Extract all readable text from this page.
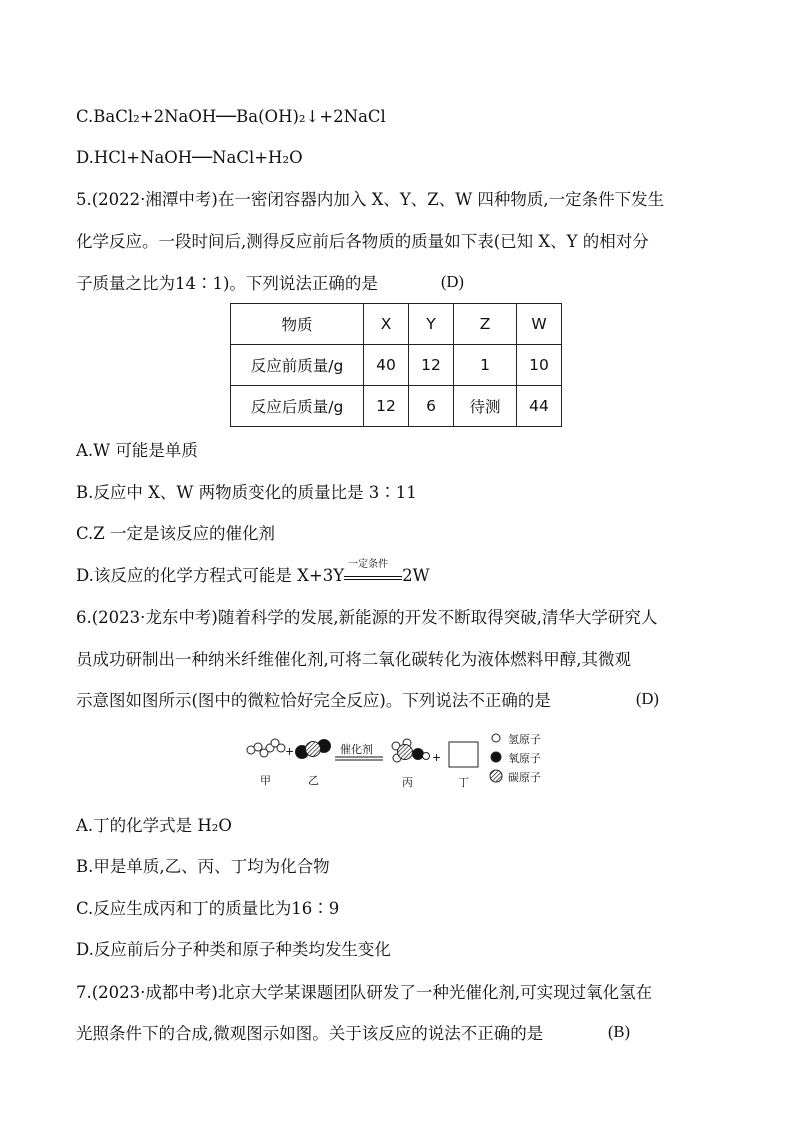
C.BaCl₂+2NaOH──Ba(OH)₂↓+2NaCl
D.HCl+NaOH──NaCl+H₂O
5.(2022·湘潭中考)在一密闭容器内加入 X、Y、Z、W 四种物质,一定条件下发生
化学反应。一段时间后,测得反应前后各物质的质量如下表(已知 X、Y 的相对分
子质量之比为14∶1)。下列说法正确的是	(D)
物质	X	Y	Z	W
反应前质量/g	40	12	1	10
反应后质量/g	12	6	待测	44
A.W 可能是单质
B.反应中 X、W 两物质变化的质量比是 3∶11
C.Z 一定是该反应的催化剂
D.该反应的化学方程式可能是 X+3Y
一定条件
2W
6.(2023·龙东中考)随着科学的发展,新能源的开发不断取得突破,清华大学研究人
员成功研制出一种纳米纤维催化剂,可将二氧化碳转化为液体燃料甲醇,其微观
示意图如图所示(图中的微粒恰好完全反应)。下列说法不正确的是	(D)
+	+
甲	乙	丙	丁
催化剂
氢原子
氧原子
碳原子
A.丁的化学式是 H₂O
B.甲是单质,乙、丙、丁均为化合物
C.反应生成丙和丁的质量比为16∶9
D.反应前后分子种类和原子种类均发生变化
7.(2023·成都中考)北京大学某课题团队研发了一种光催化剂,可实现过氧化氢在
光照条件下的合成,微观图示如图。关于该反应的说法不正确的是	(B)
